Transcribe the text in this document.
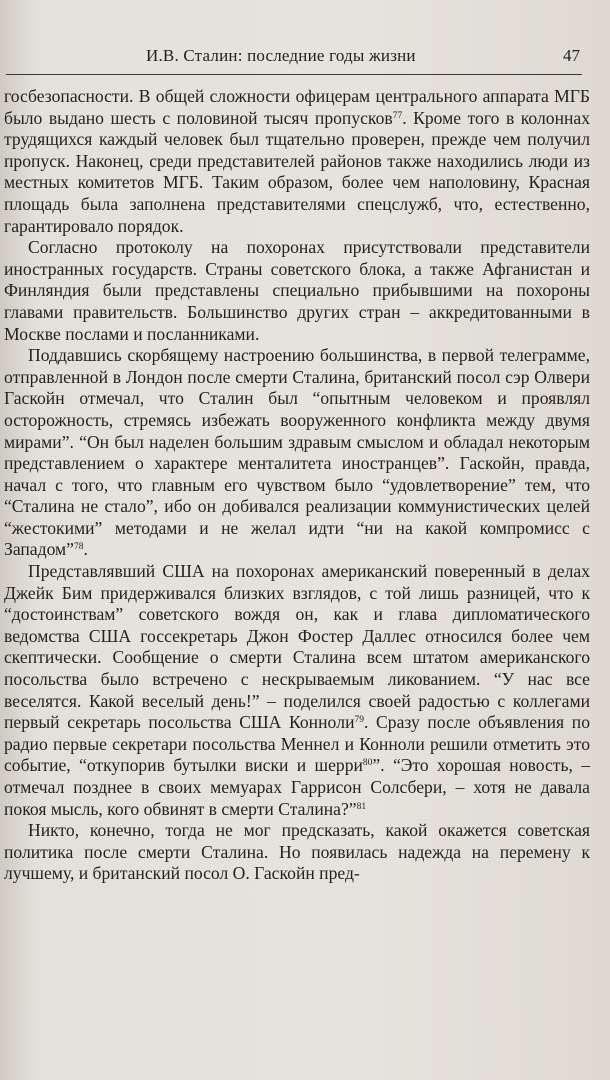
И.В. Сталин: последние годы жизни	47

госбезопасности. В общей сложности офицерам центрального аппарата МГБ было выдано шесть с половиной тысяч пропусков$^{77}$. Кроме того в колоннах трудящихся каждый человек был тщательно проверен, прежде чем получил пропуск. Наконец, среди представителей районов также находились люди из местных комитетов МГБ. Таким образом, более чем наполовину, Красная площадь была заполнена представителями спецслужб, что, естественно, гарантировало порядок.

Согласно протоколу на похоронах присутствовали представители иностранных государств. Страны советского блока, а также Афганистан и Финляндия были представлены специально прибывшими на похороны главами правительств. Большинство других стран – аккредитованными в Москве послами и посланниками.

Поддавшись скорбящему настроению большинства, в первой телеграмме, отправленной в Лондон после смерти Сталина, британский посол сэр Олвери Гаскойн отмечал, что Сталин был “опытным человеком и проявлял осторожность, стремясь избежать вооруженного конфликта между двумя мирами”. “Он был наделен большим здравым смыслом и обладал некоторым представлением о характере менталитета иностранцев”. Гаскойн, правда, начал с того, что главным его чувством было “удовлетворение” тем, что “Сталина не стало”, ибо он добивался реализации коммунистических целей “жестокими” методами и не желал идти “ни на какой компромисс с Западом”$^{78}$.

Представлявший США на похоронах американский поверенный в делах Джейк Бим придерживался близких взглядов, с той лишь разницей, что к “достоинствам” советского вождя он, как и глава дипломатического ведомства США госсекретарь Джон Фостер Даллес относился более чем скептически. Сообщение о смерти Сталина всем штатом американского посольства было встречено с нескрываемым ликованием. “У нас все веселятся. Какой веселый день!” – поделился своей радостью с коллегами первый секретарь посольства США Коннoли$^{79}$. Сразу после объявления по радио первые секретари посольства Меннел и Коннoли решили отметить это событие, “откупорив бутылки виски и шерри$^{80}$”. “Это хорошая новость, – отмечал позднее в своих мемуарах Гаррисон Солсбери, – хотя не давала покоя мысль, кого обвинят в смерти Сталина?”$^{81}$

Никто, конечно, тогда не мог предсказать, какой окажется советская политика после смерти Сталина. Но появилась надежда на перемену к лучшему, и британский посол О. Гаскойн пред-
